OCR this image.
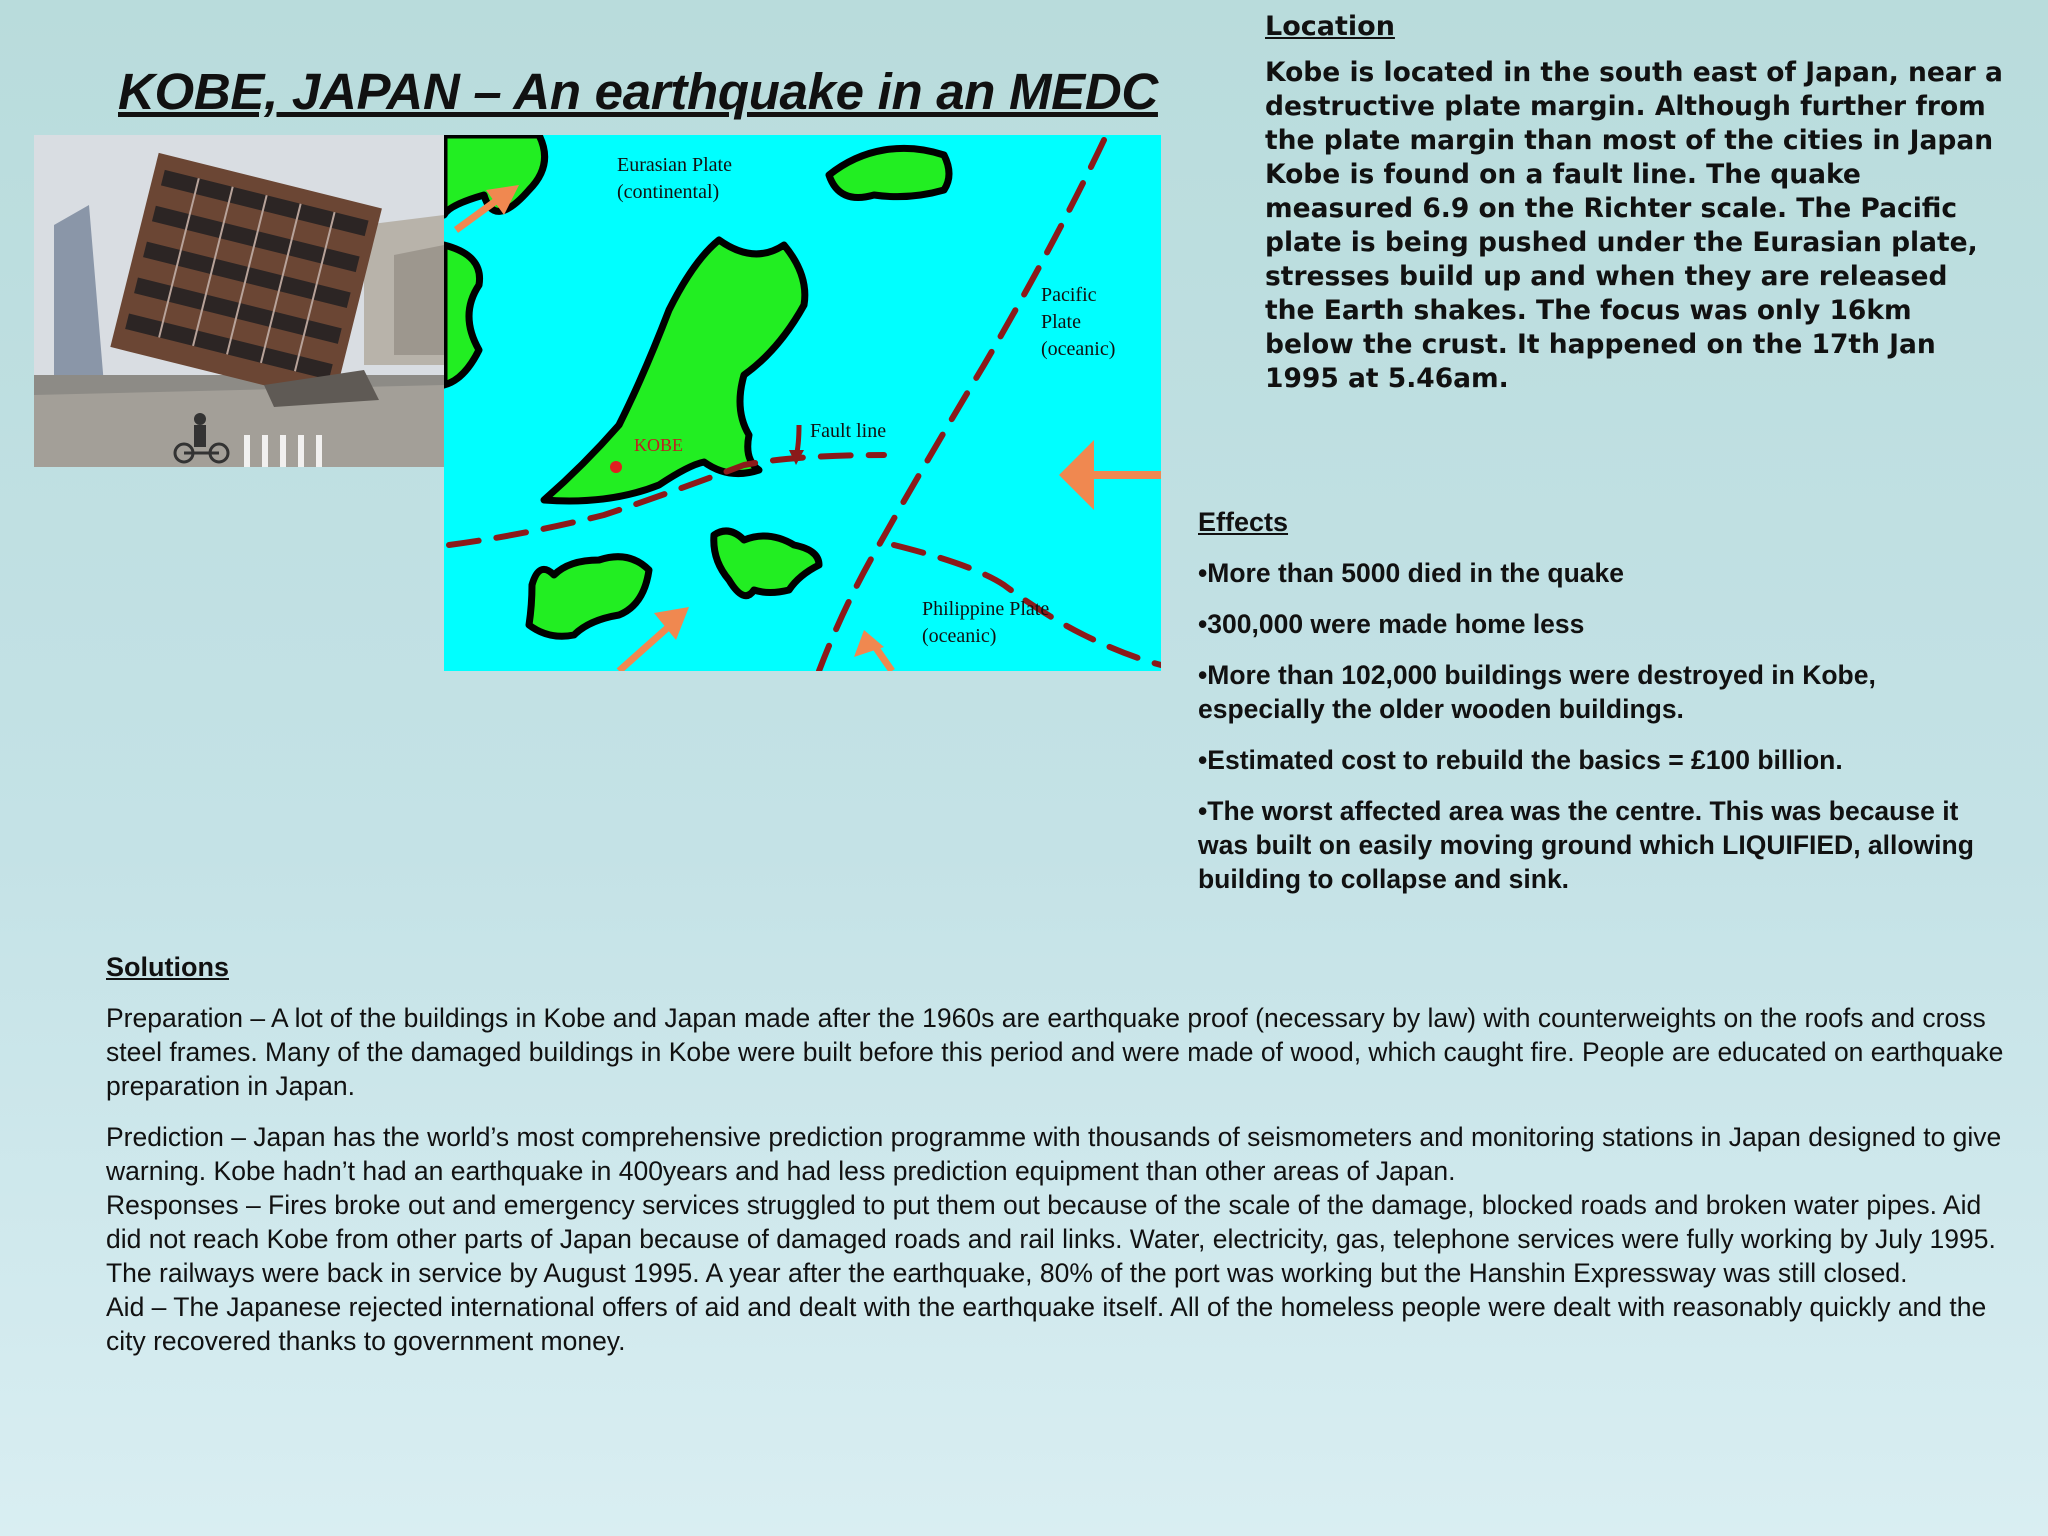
KOBE, JAPAN – An earthquake in an MEDC
Eurasian Plate
(continental)
Pacific
Plate
(oceanic)
Fault line
Philippine Plate
(oceanic)
KOBE
Location

Kobe is located in the south east of Japan, near a destructive plate margin. Although further from the plate margin than most of the cities in Japan Kobe is found on a fault line. The quake measured 6.9 on the Richter scale. The Pacific plate is being pushed under the Eurasian plate, stresses build up and when they are released the Earth shakes. The focus was only 16km below the crust. It happened on the 17th Jan 1995 at 5.46am.

Effects

•More than 5000 died in the quake

•300,000 were made home less

•More than 102,000 buildings were destroyed in Kobe, especially the older wooden buildings.

•Estimated cost to rebuild the basics = £100 billion.

•The worst affected area was the centre. This was because it was built on easily moving ground which LIQUIFIED, allowing building to collapse and sink.

Solutions

Preparation – A lot of the buildings in Kobe and Japan made after the 1960s are earthquake proof (necessary by law) with counterweights on the roofs and cross steel frames. Many of the damaged buildings in Kobe were built before this period and were made of wood, which caught fire. People are educated on earthquake preparation in Japan.

Prediction – Japan has the world’s most comprehensive prediction programme with thousands of seismometers and monitoring stations in Japan designed to give warning. Kobe hadn’t had an earthquake in 400years and had less prediction equipment than other areas of Japan.

Responses – Fires broke out and emergency services struggled to put them out because of the scale of the damage, blocked roads and broken water pipes. Aid did not reach Kobe from other parts of Japan because of damaged roads and rail links. Water, electricity, gas, telephone services were fully working by July 1995. The railways were back in service by August 1995. A year after the earthquake, 80% of the port was working but the Hanshin Expressway was still closed.

Aid – The Japanese rejected international offers of aid and dealt with the earthquake itself. All of the homeless people were dealt with reasonably quickly and the city recovered thanks to government money.
